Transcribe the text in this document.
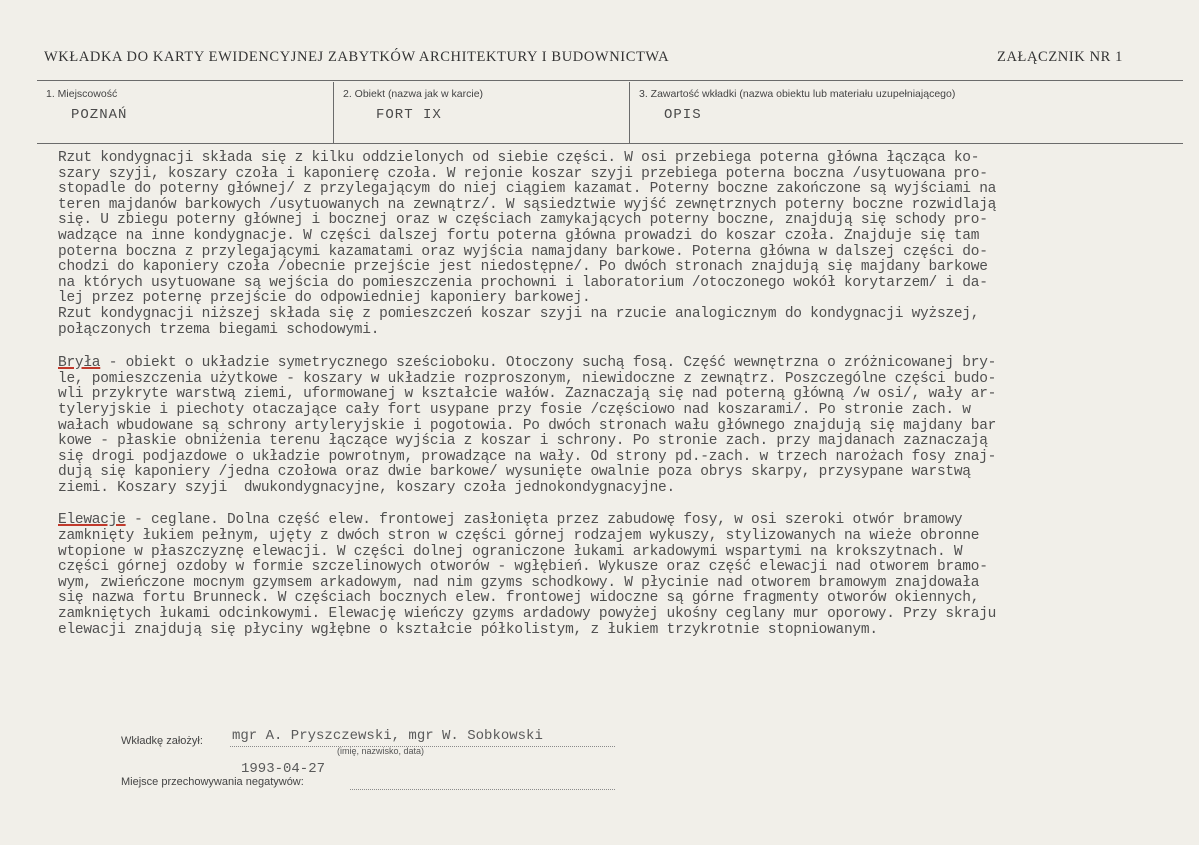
WKŁADKA DO KARTY EWIDENCYJNEJ ZABYTKÓW ARCHITEKTURY I BUDOWNICTWA	ZAŁĄCZNIK NR 1
1. Miejscowość
POZNAŃ
2. Obiekt (nazwa jak w karcie)
FORT IX
3. Zawartość wkładki (nazwa obiektu lub materiału uzupełniającego)
OPIS

Rzut kondygnacji składa się z kilku oddzielonych od siebie części. W osi przebiega poterna główna łącząca ko-

szary szyji, koszary czoła i kaponierę czoła. W rejonie koszar szyji przebiega poterna boczna /usytuowana pro-

stopadle do poterny głównej/ z przylegającym do niej ciągiem kazamat. Poterny boczne zakończone są wyjściami na

teren majdanów barkowych /usytuowanych na zewnątrz/. W sąsiedztwie wyjść zewnętrznych poterny boczne rozwidlają

się. U zbiegu poterny głównej i bocznej oraz w częściach zamykających poterny boczne, znajdują się schody pro-

wadzące na inne kondygnacje. W części dalszej fortu poterna główna prowadzi do koszar czoła. Znajduje się tam

poterna boczna z przylegającymi kazamatami oraz wyjścia namajdany barkowe. Poterna główna w dalszej części do-

chodzi do kaponiery czoła /obecnie przejście jest niedostępne/. Po dwóch stronach znajdują się majdany barkowe

na których usytuowane są wejścia do pomieszczenia prochowni i laboratorium /otoczonego wokół korytarzem/ i da-

lej przez poternę przejście do odpowiedniej kaponiery barkowej.

Rzut kondygnacji niższej składa się z pomieszczeń koszar szyji na rzucie analogicznym do kondygnacji wyższej,

połączonych trzema biegami schodowymi.

Bryła - obiekt o układzie symetrycznego sześcioboku. Otoczony suchą fosą. Część wewnętrzna o zróżnicowanej bry-

le, pomieszczenia użytkowe - koszary w układzie rozproszonym, niewidoczne z zewnątrz. Poszczególne części budo-

wli przykryte warstwą ziemi, uformowanej w kształcie wałów. Zaznaczają się nad poterną główną /w osi/, wały ar-

tyleryjskie i piechoty otaczające cały fort usypane przy fosie /częściowo nad koszarami/. Po stronie zach. w

wałach wbudowane są schrony artyleryjskie i pogotowia. Po dwóch stronach wału głównego znajdują się majdany bar

kowe - płaskie obniżenia terenu łączące wyjścia z koszar i schrony. Po stronie zach. przy majdanach zaznaczają

się drogi podjazdowe o układzie powrotnym, prowadzące na wały. Od strony pd.-zach. w trzech narożach fosy znaj-

dują się kaponiery /jedna czołowa oraz dwie barkowe/ wysunięte owalnie poza obrys skarpy, przysypane warstwą

ziemi. Koszary szyji  dwukondygnacyjne, koszary czoła jednokondygnacyjne.

Elewacje - ceglane. Dolna część elew. frontowej zasłonięta przez zabudowę fosy, w osi szeroki otwór bramowy

zamknięty łukiem pełnym, ujęty z dwóch stron w części górnej rodzajem wykuszy, stylizowanych na wieże obronne

wtopione w płaszczyznę elewacji. W części dolnej ograniczone łukami arkadowymi wspartymi na krokszytnach. W

części górnej ozdoby w formie szczelinowych otworów - wgłębień. Wykusze oraz część elewacji nad otworem bramo-

wym, zwieńczone mocnym gzymsem arkadowym, nad nim gzyms schodkowy. W płycinie nad otworem bramowym znajdowała

się nazwa fortu Brunneck. W częściach bocznych elew. frontowej widoczne są górne fragmenty otworów okiennych,

zamkniętych łukami odcinkowymi. Elewację wieńczy gzyms ardadowy powyżej ukośny ceglany mur oporowy. Przy skraju

elewacji znajdują się płyciny wgłębne o kształcie półkolistym, z łukiem trzykrotnie stopniowanym.

Wkładkę założył: mgr A. Pryszczewski, mgr W. Sobkowski
(imię, nazwisko, data)
1993-04-27
Miejsce przechowywania negatywów:
